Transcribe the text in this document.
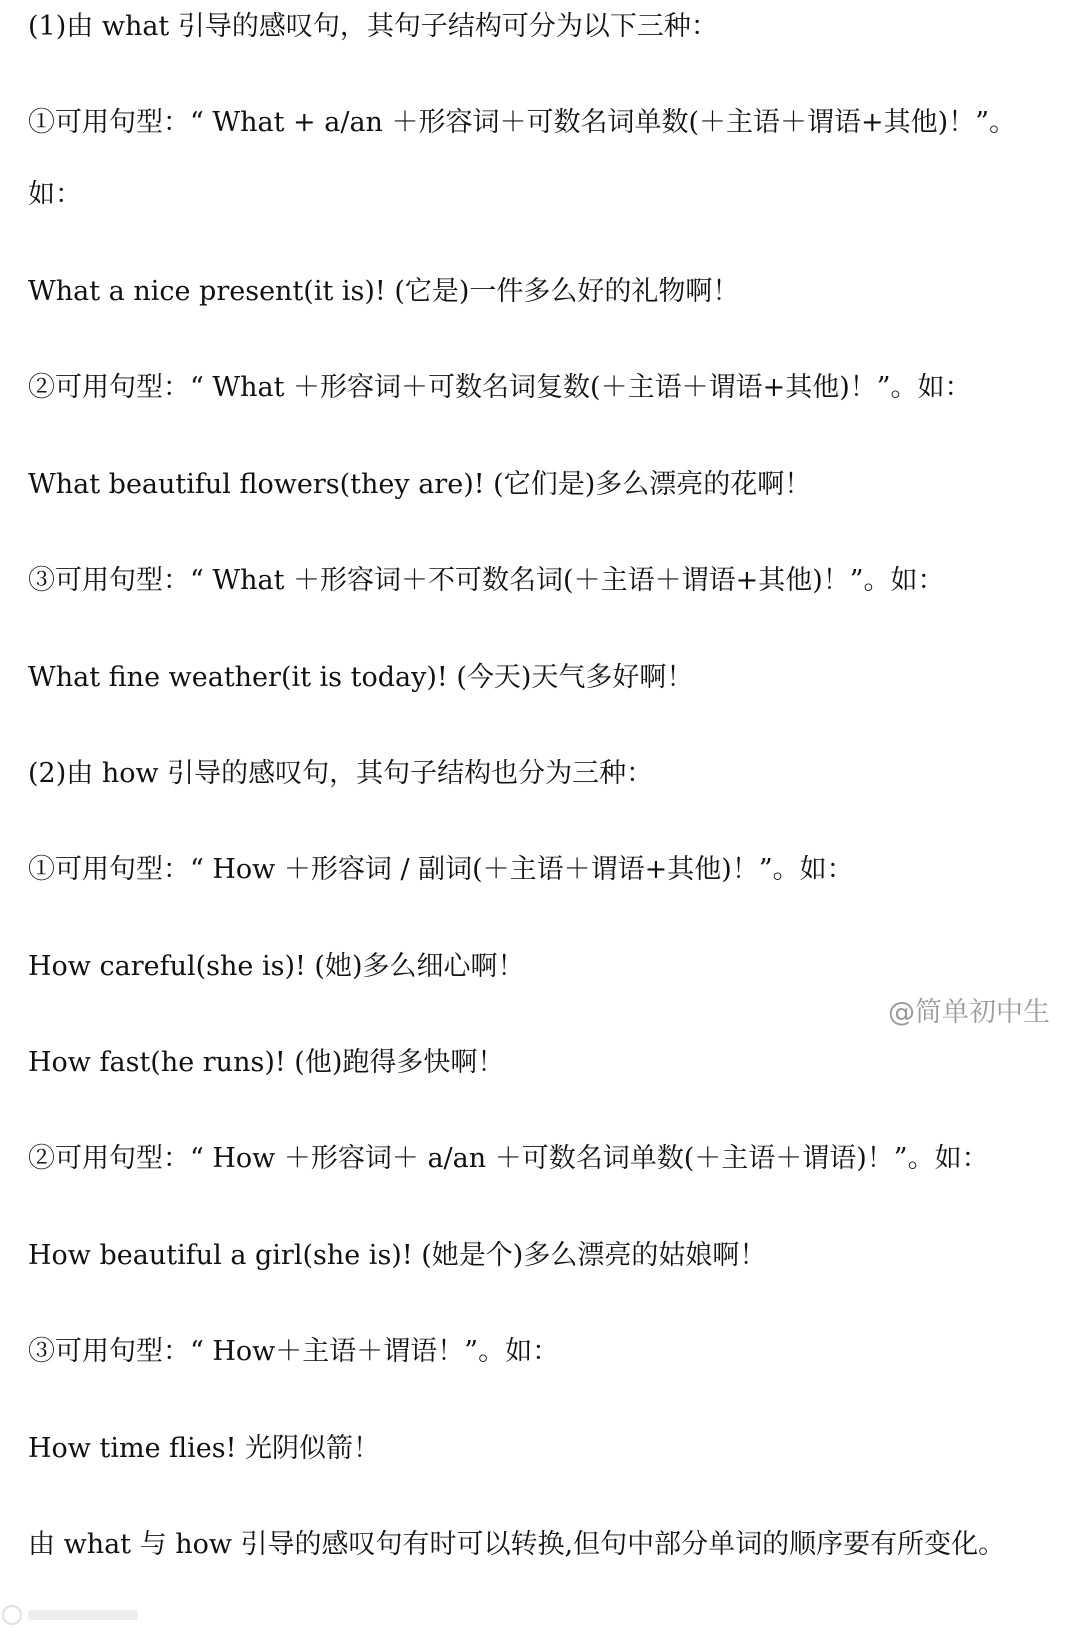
(1)由 what 引导的感叹句，其句子结构可分为以下三种：
①可用句型：“ What + a/an ＋形容词＋可数名词单数(＋主语＋谓语+其他)！”。
如：
What a nice present(it is)! (它是)一件多么好的礼物啊！
②可用句型：“ What ＋形容词＋可数名词复数(＋主语＋谓语+其他)！”。如：
What beautiful flowers(they are)! (它们是)多么漂亮的花啊！
③可用句型：“ What ＋形容词＋不可数名词(＋主语＋谓语+其他)！”。如：
What fine weather(it is today)! (今天)天气多好啊！
(2)由 how 引导的感叹句，其句子结构也分为三种：
①可用句型：“ How ＋形容词 / 副词(＋主语＋谓语+其他)！”。如：
How careful(she is)! (她)多么细心啊！
How fast(he runs)! (他)跑得多快啊！
②可用句型：“ How ＋形容词＋ a/an ＋可数名词单数(＋主语＋谓语)！”。如：
How beautiful a girl(she is)! (她是个)多么漂亮的姑娘啊！
③可用句型：“ How＋主语＋谓语！”。如：
How time flies! 光阴似箭！
由 what 与 how 引导的感叹句有时可以转换,但句中部分单词的顺序要有所变化。
@简单初中生
